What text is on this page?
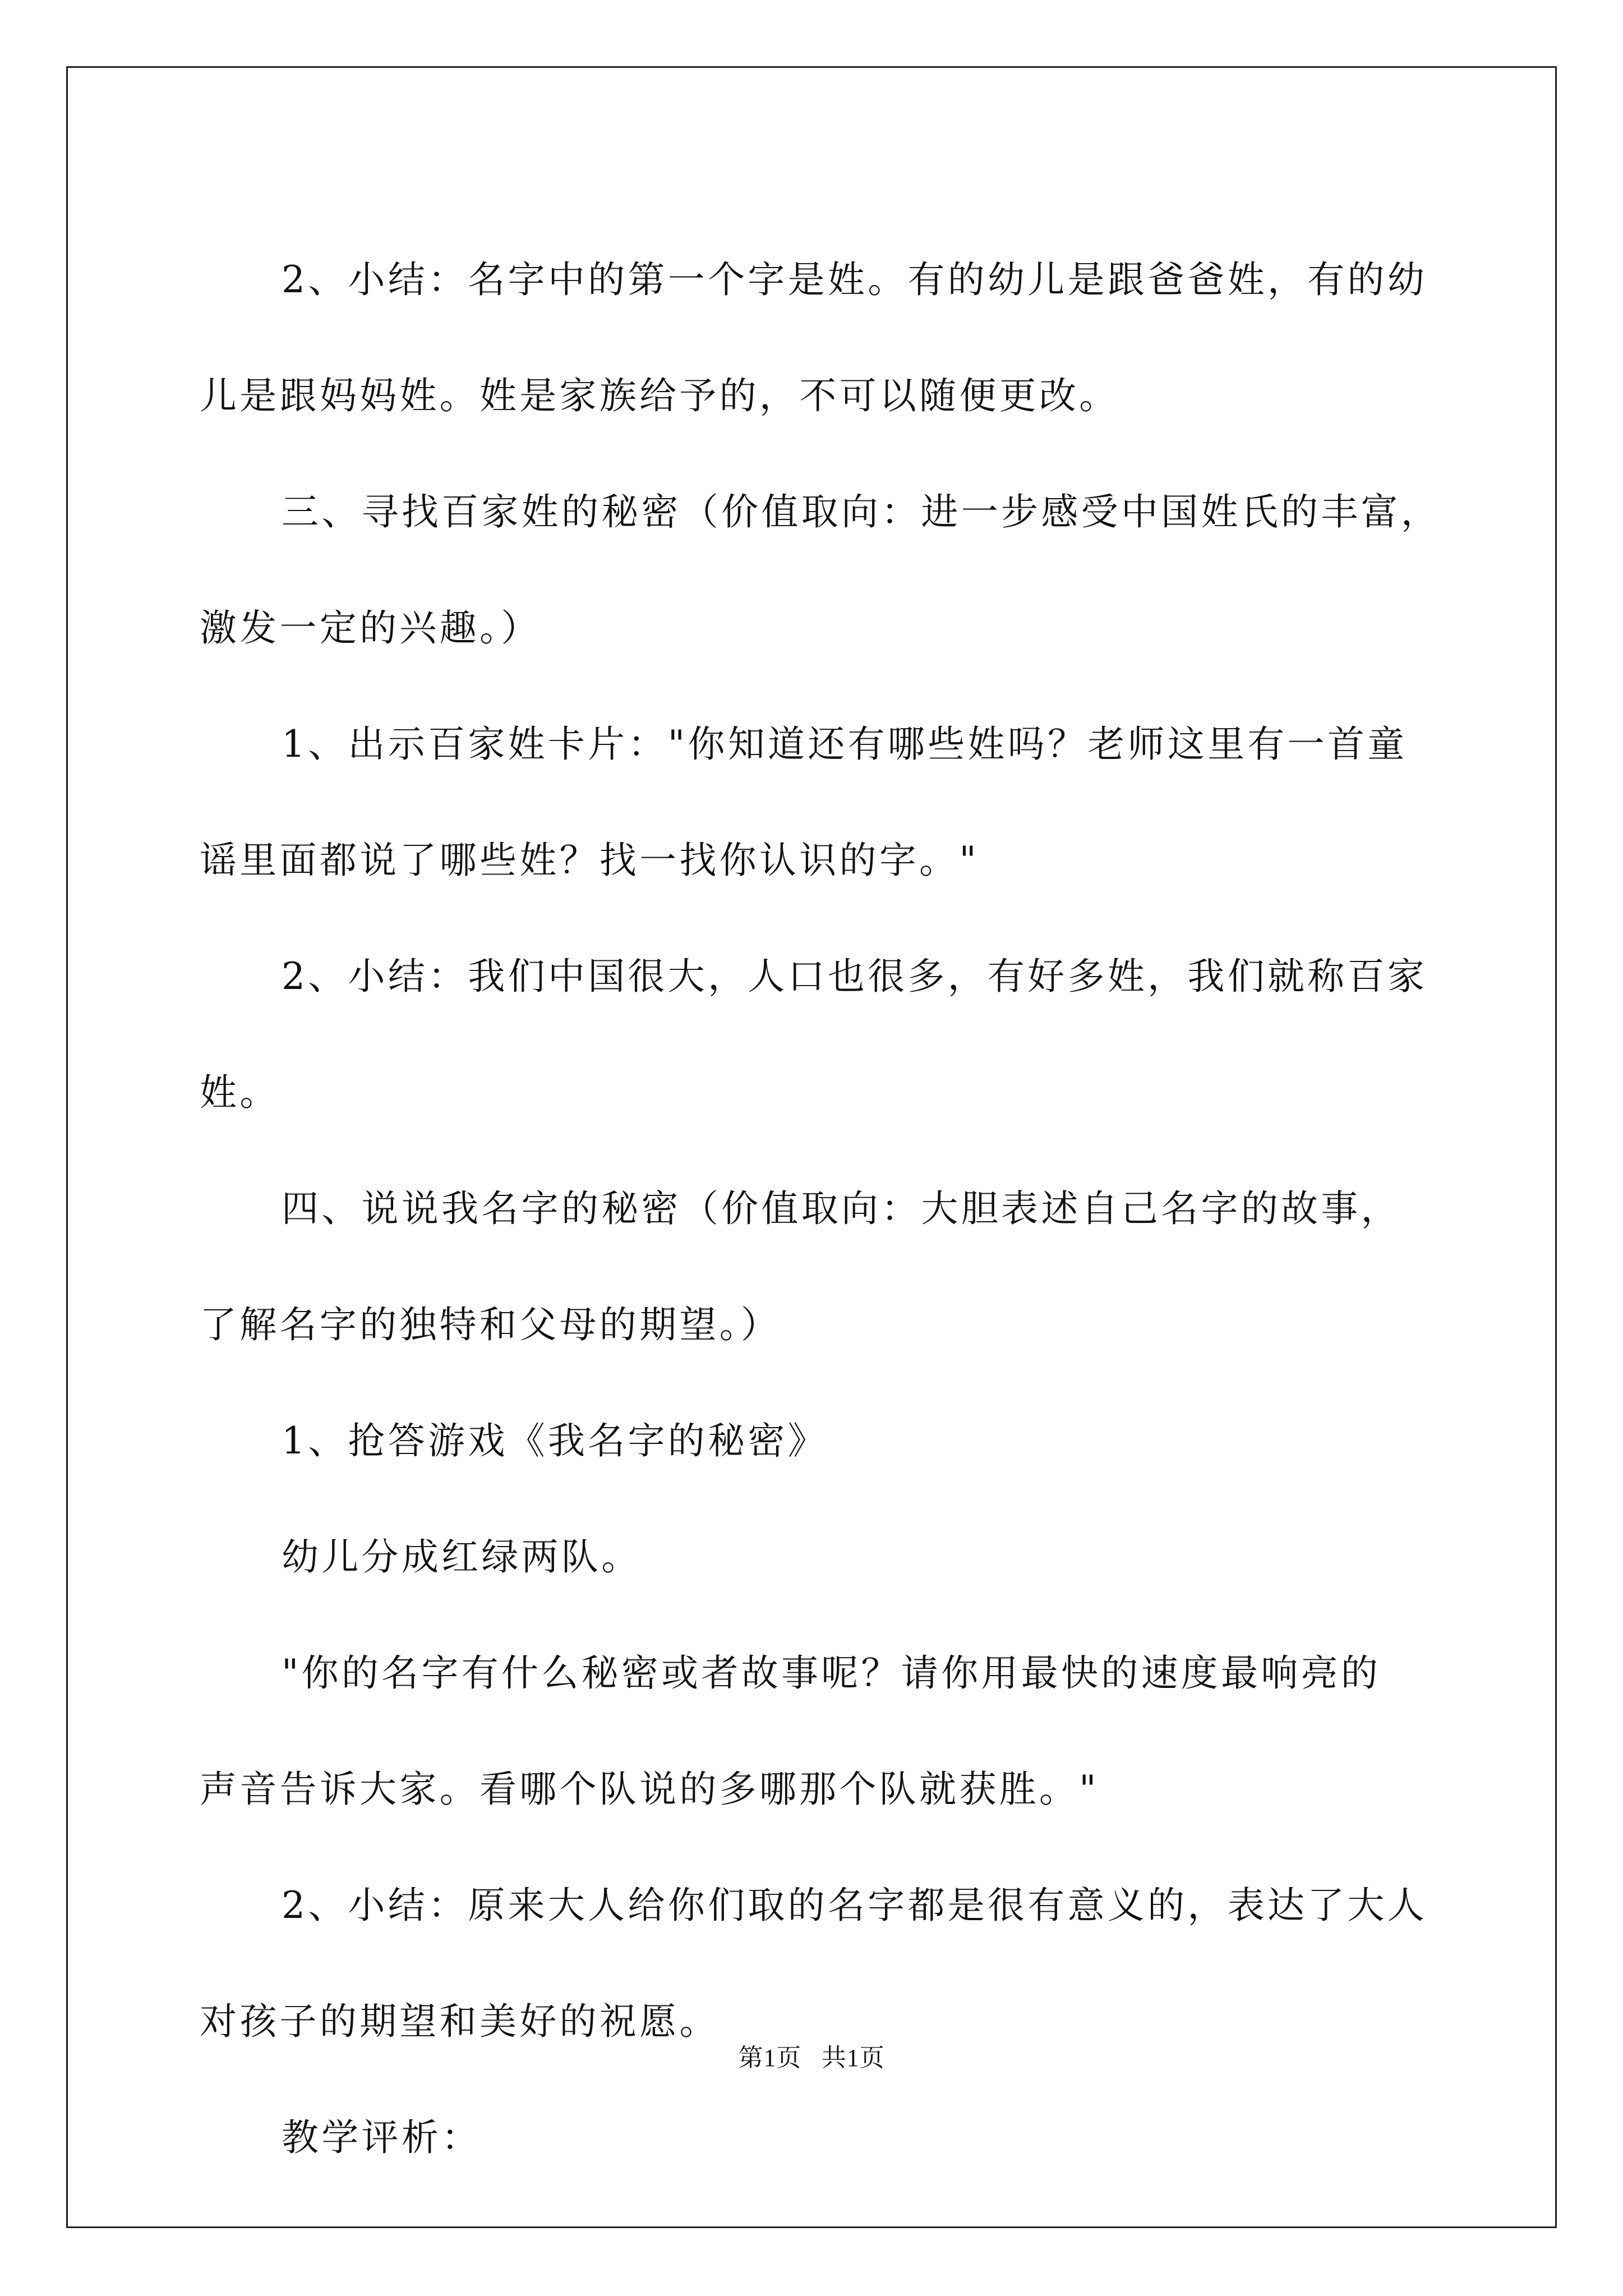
2、小结：名字中的第一个字是姓。有的幼儿是跟爸爸姓，有的幼

儿是跟妈妈姓。姓是家族给予的，不可以随便更改。

三、寻找百家姓的秘密（价值取向：进一步感受中国姓氏的丰富，

激发一定的兴趣。）

1、出示百家姓卡片："你知道还有哪些姓吗？老师这里有一首童

谣里面都说了哪些姓？找一找你认识的字。"

2、小结：我们中国很大，人口也很多，有好多姓，我们就称百家

姓。

四、说说我名字的秘密（价值取向：大胆表述自己名字的故事，

了解名字的独特和父母的期望。）

1、抢答游戏《我名字的秘密》

幼儿分成红绿两队。

"你的名字有什么秘密或者故事呢？请你用最快的速度最响亮的

声音告诉大家。看哪个队说的多哪那个队就获胜。"

2、小结：原来大人给你们取的名字都是很有意义的，表达了大人

对孩子的期望和美好的祝愿。

教学评析：

第1页   共1页
